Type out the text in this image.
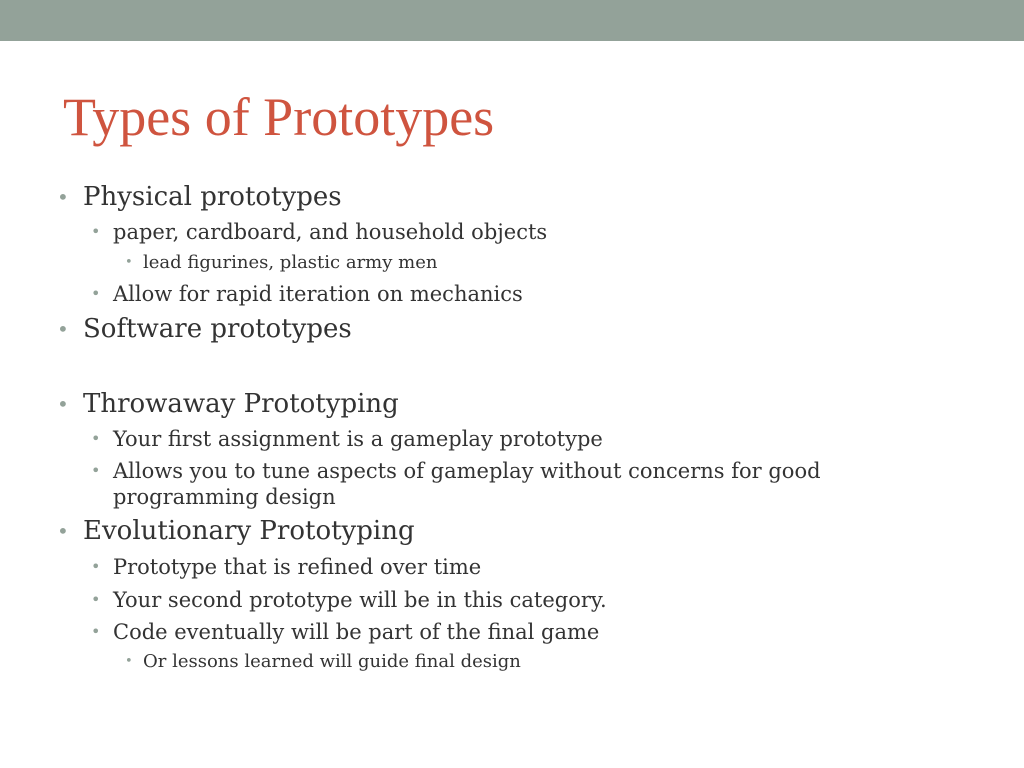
Types of Prototypes
• Physical prototypes
• paper, cardboard, and household objects
• lead figurines, plastic army men
• Allow for rapid iteration on mechanics
• Software prototypes
• Throwaway Prototyping
• Your first assignment is a gameplay prototype
• Allows you to tune aspects of gameplay without concerns for good
programming design
• Evolutionary Prototyping
• Prototype that is refined over time
• Your second prototype will be in this category.
• Code eventually will be part of the final game
• Or lessons learned will guide final design
